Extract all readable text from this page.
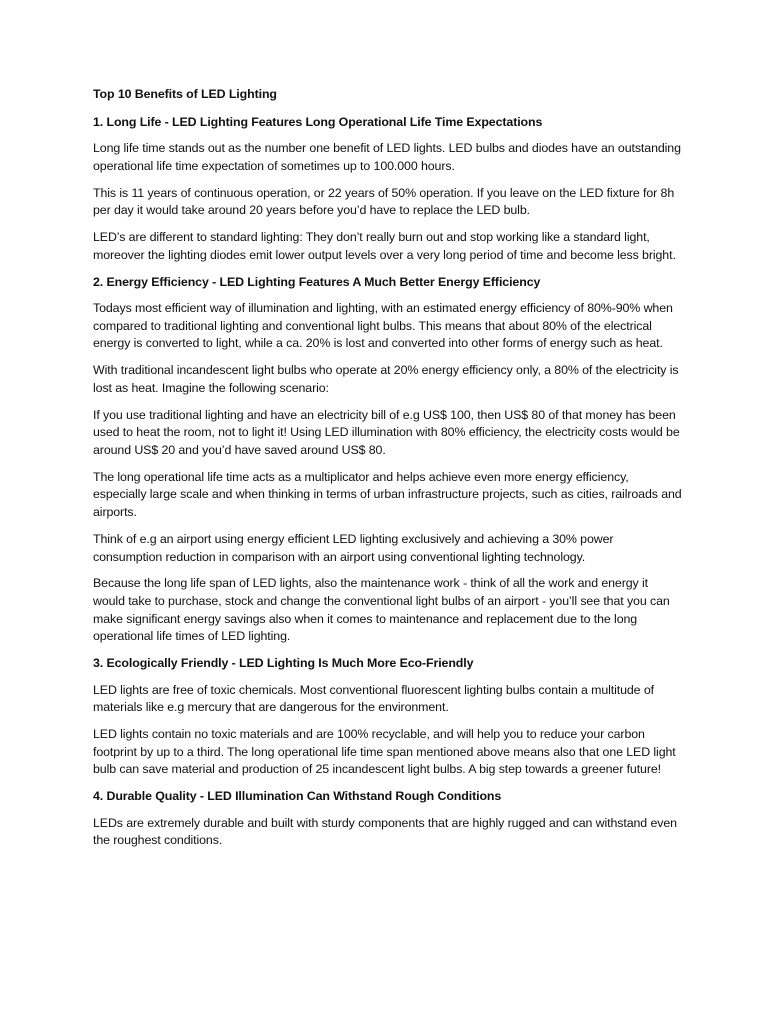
Top 10 Benefits of LED Lighting

1. Long Life - LED Lighting Features Long Operational Life Time Expectations

Long life time stands out as the number one benefit of LED lights. LED bulbs and diodes have an outstanding operational life time expectation of sometimes up to 100.000 hours.

This is 11 years of continuous operation, or 22 years of 50% operation. If you leave on the LED fixture for 8h per day it would take around 20 years before you’d have to replace the LED bulb.

LED’s are different to standard lighting: They don’t really burn out and stop working like a standard light, moreover the lighting diodes emit lower output levels over a very long period of time and become less bright.

2. Energy Efficiency - LED Lighting Features A Much Better Energy Efficiency

Todays most efficient way of illumination and lighting, with an estimated energy efficiency of 80%-90% when compared to traditional lighting and conventional light bulbs. This means that about 80% of the electrical energy is converted to light, while a ca. 20% is lost and converted into other forms of energy such as heat.

With traditional incandescent light bulbs who operate at 20% energy efficiency only, a 80% of the electricity is lost as heat. Imagine the following scenario:

If you use traditional lighting and have an electricity bill of e.g US$ 100, then US$ 80 of that money has been used to heat the room, not to light it! Using LED illumination with 80% efficiency, the electricity costs would be around US$ 20 and you’d have saved around US$ 80.

The long operational life time acts as a multiplicator and helps achieve even more energy efficiency, especially large scale and when thinking in terms of urban infrastructure projects, such as cities, railroads and airports.

Think of e.g an airport using energy efficient LED lighting exclusively and achieving a 30% power consumption reduction in comparison with an airport using conventional lighting technology.

Because the long life span of LED lights, also the maintenance work - think of all the work and energy it would take to purchase, stock and change the conventional light bulbs of an airport - you’ll see that you can make significant energy savings also when it comes to maintenance and replacement due to the long operational life times of LED lighting.

3. Ecologically Friendly - LED Lighting Is Much More Eco-Friendly

LED lights are free of toxic chemicals. Most conventional fluorescent lighting bulbs contain a multitude of materials like e.g mercury that are dangerous for the environment.

LED lights contain no toxic materials and are 100% recyclable, and will help you to reduce your carbon footprint by up to a third. The long operational life time span mentioned above means also that one LED light bulb can save material and production of 25 incandescent light bulbs. A big step towards a greener future!

4. Durable Quality - LED Illumination Can Withstand Rough Conditions

LEDs are extremely durable and built with sturdy components that are highly rugged and can withstand even the roughest conditions.
